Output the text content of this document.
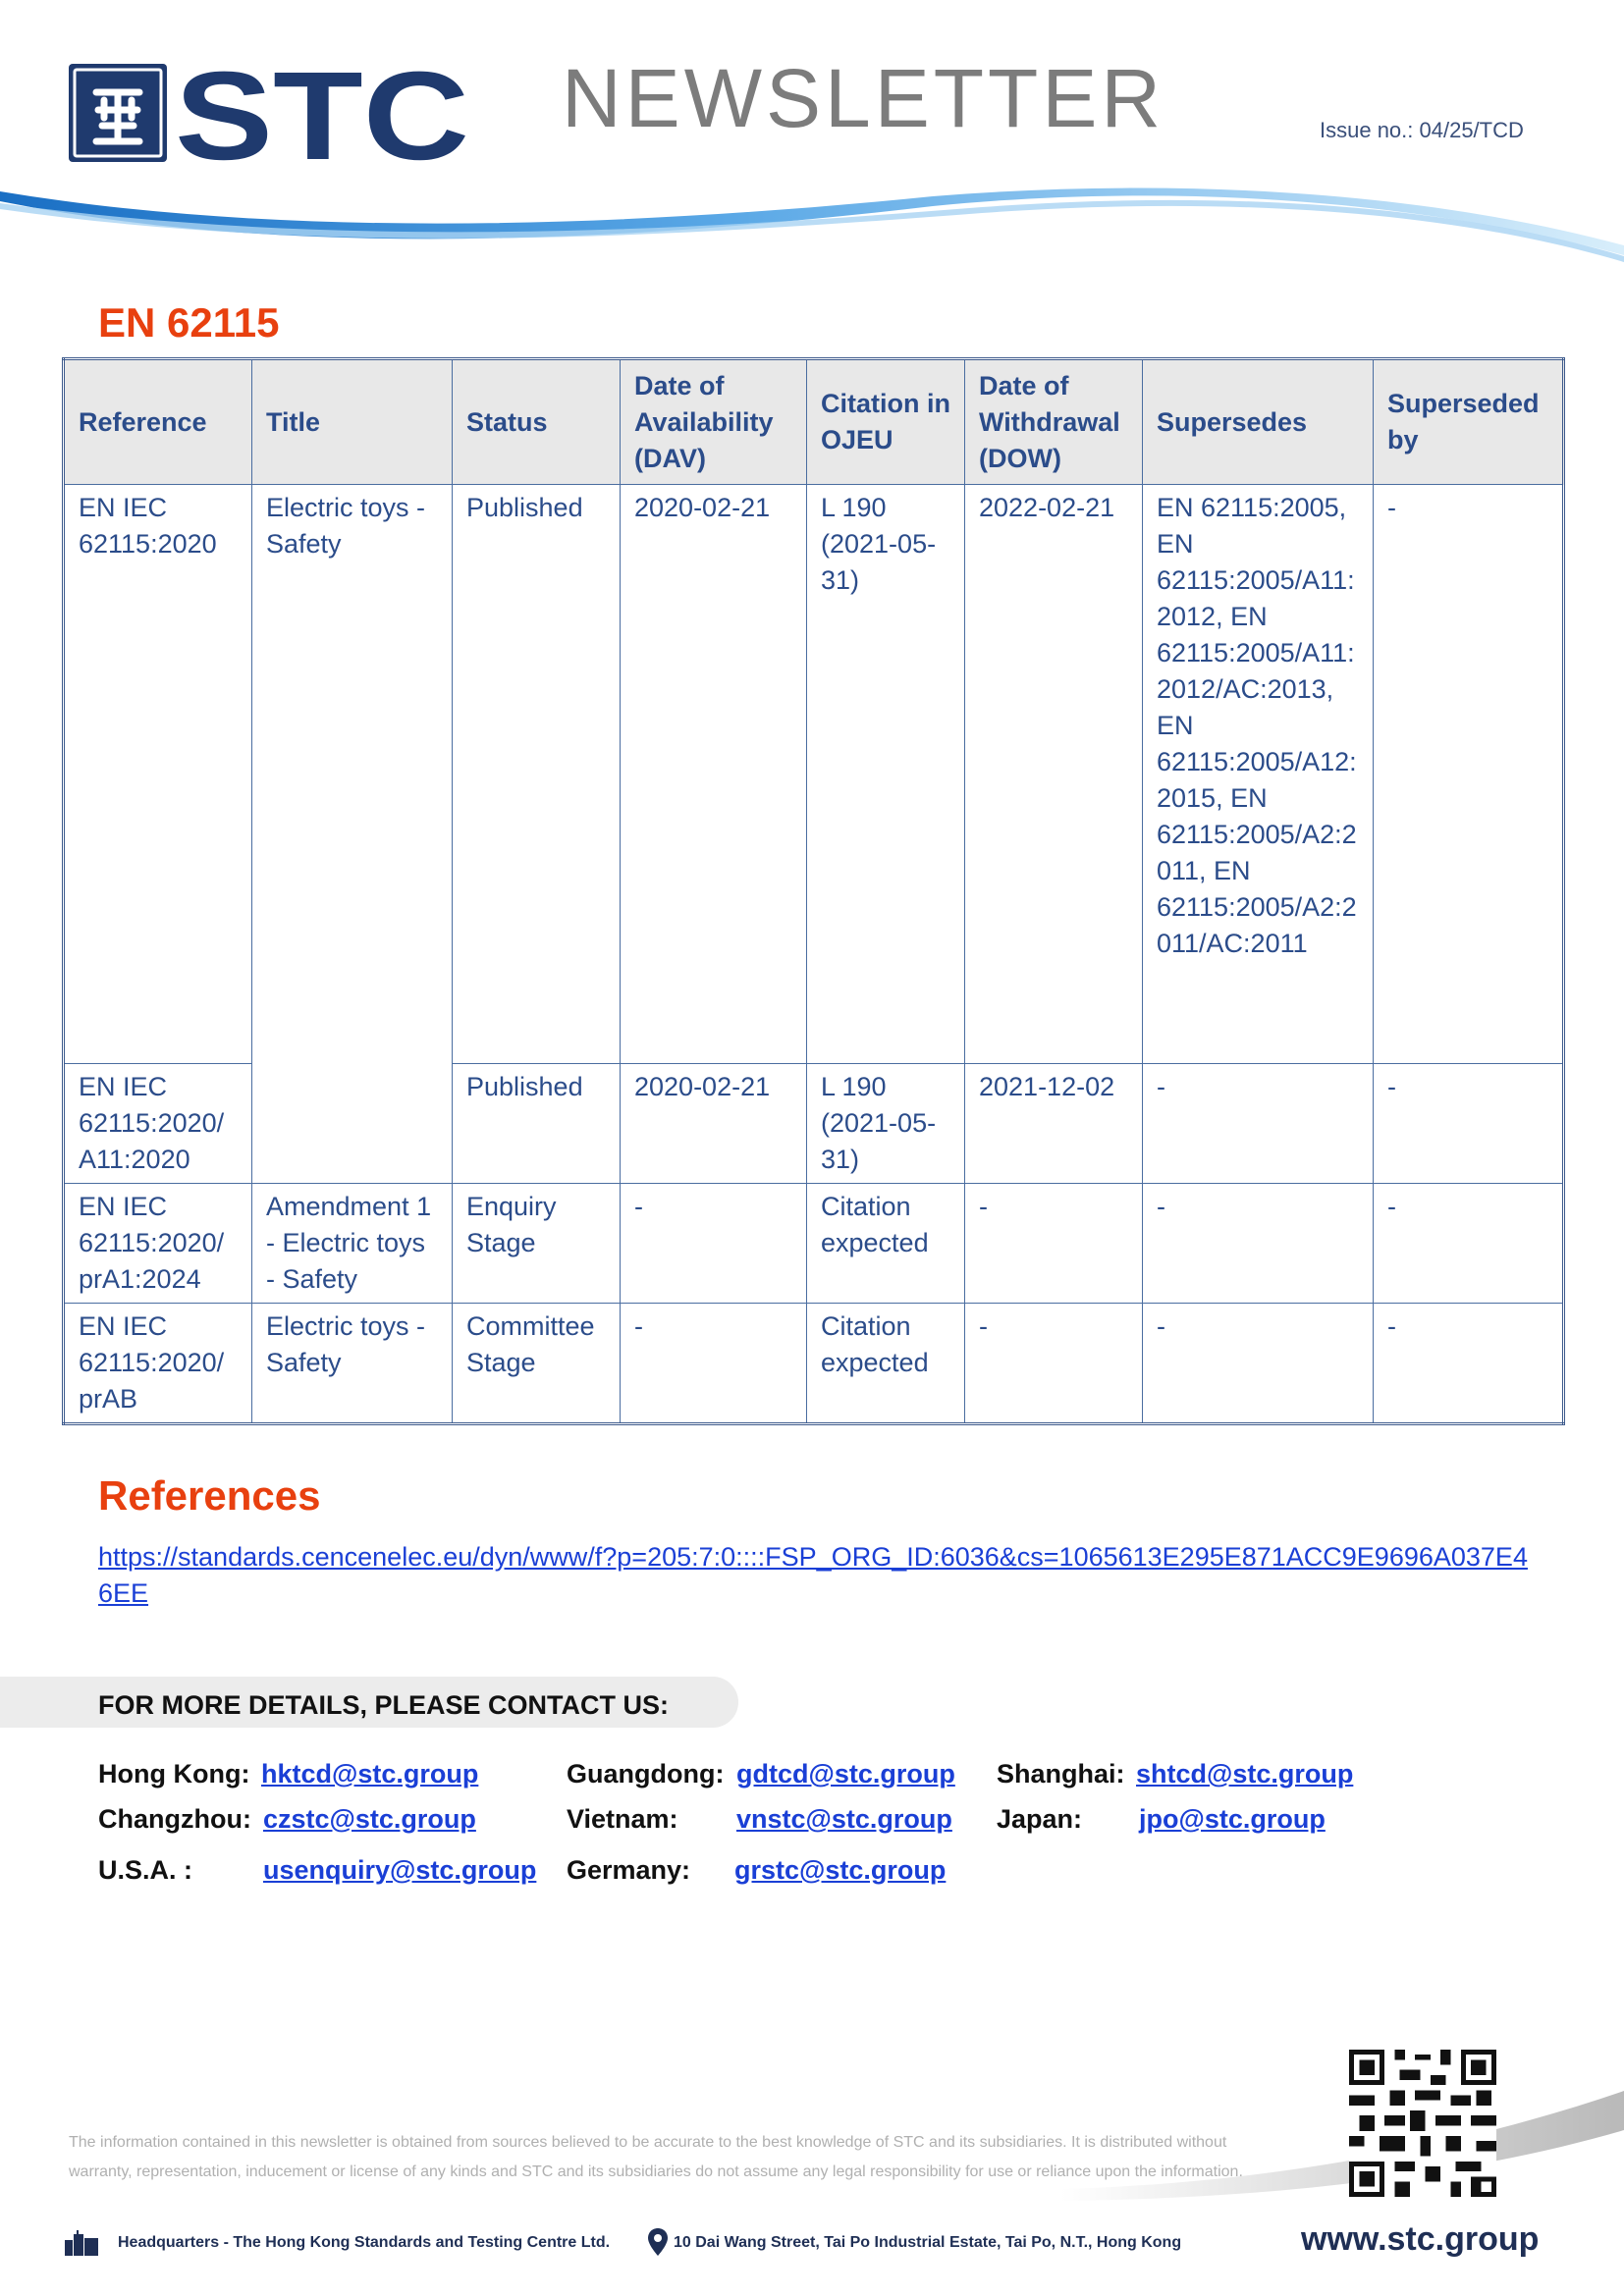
STC NEWSLETTER	Issue no.: 04/25/TCD
EN 62115
Reference	Title	Status	Date of Availability (DAV)	Citation in OJEU	Date of Withdrawal (DOW)	Supersedes	Superseded by
EN IEC 62115:2020	Electric toys - Safety	Published	2020-02-21	L 190 (2021-05-31)	2022-02-21	EN 62115:2005, EN 62115:2005/A11:2012, EN 62115:2005/A11:2012/AC:2013, EN 62115:2005/A12:2015, EN 62115:2005/A2:2011, EN 62115:2005/A2:2011/AC:2011	-
EN IEC 62115:2020/A11:2020		Published	2020-02-21	L 190 (2021-05-31)	2021-12-02	-	-
EN IEC 62115:2020/prA1:2024	Amendment 1 - Electric toys - Safety	Enquiry Stage	-	Citation expected	-	-	-
EN IEC 62115:2020/prAB	Electric toys - Safety	Committee Stage	-	Citation expected	-	-	-
References
https://standards.cencenelec.eu/dyn/www/f?p=205:7:0::::FSP_ORG_ID:6036&cs=1065613E295E871ACC9E9696A037E46EE
FOR MORE DETAILS, PLEASE CONTACT US:
Hong Kong: hktcd@stc.group	Guangdong: gdtcd@stc.group Shanghai: shtcd@stc.group
Changzhou: czstc@stc.group	Vietnam: vnstc@stc.group Japan: jpo@stc.group
U.S.A. :	usenquiry@stc.group Germany: grstc@stc.group
The information contained in this newsletter is obtained from sources believed to be accurate to the best knowledge of STC and its subsidiaries. It is distributed without
warranty, representation, inducement or license of any kinds and STC and its subsidiaries do not assume any legal responsibility for use or reliance upon the information.
Headquarters - The Hong Kong Standards and Testing Centre Ltd.	10 Dai Wang Street, Tai Po Industrial Estate, Tai Po, N.T., Hong Kong	www.stc.group
